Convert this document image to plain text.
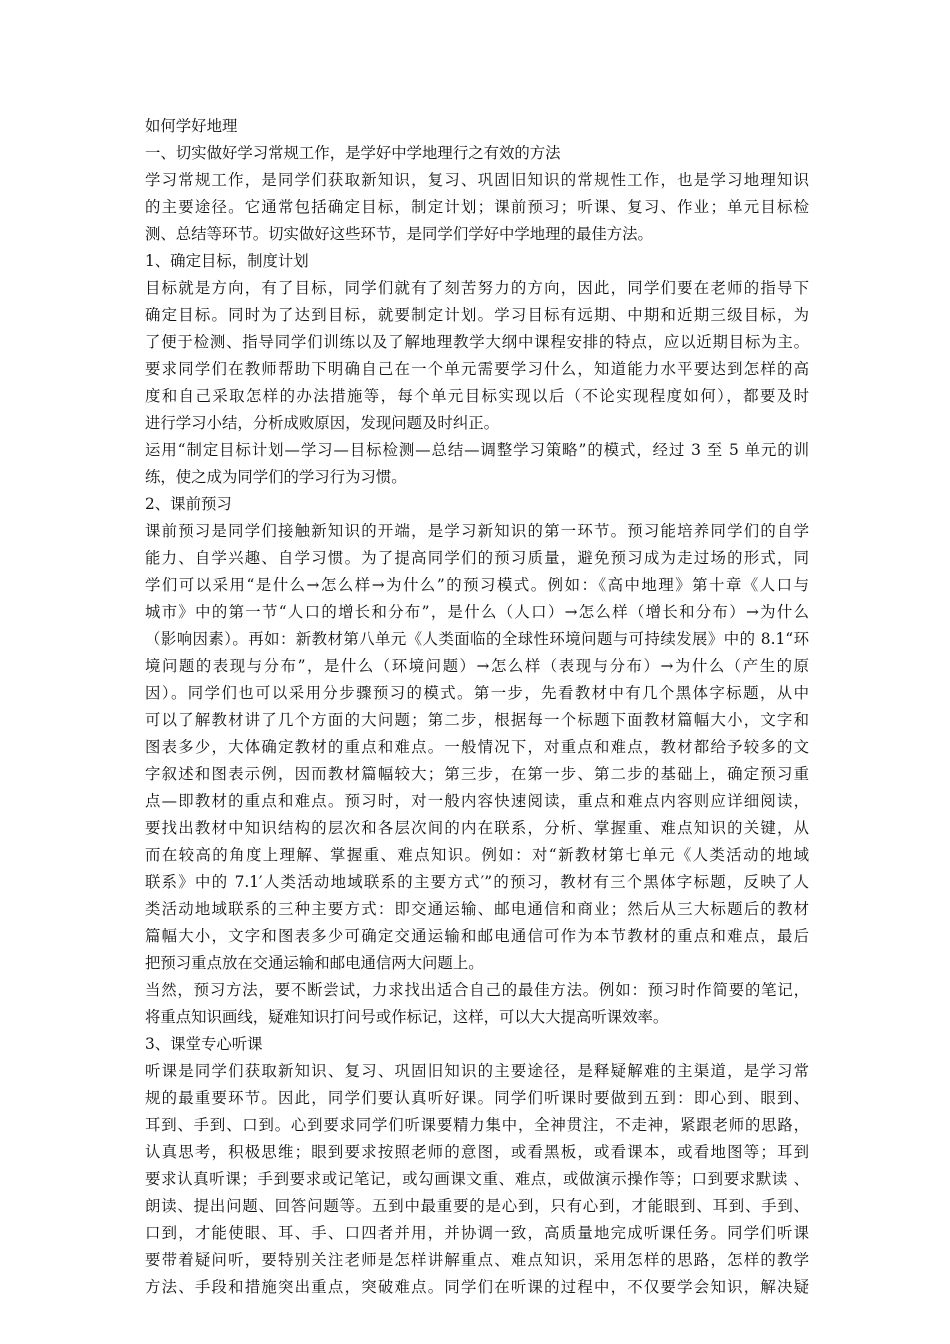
如何学好地理
一、切实做好学习常规工作，是学好中学地理行之有效的方法
学习常规工作，是同学们获取新知识，复习、巩固旧知识的常规性工作，也是学习地理知识
的主要途径。它通常包括确定目标，制定计划；课前预习；听课、复习、作业；单元目标检
测、总结等环节。切实做好这些环节，是同学们学好中学地理的最佳方法。
1、确定目标，制度计划
目标就是方向，有了目标，同学们就有了刻苦努力的方向，因此，同学们要在老师的指导下
确定目标。同时为了达到目标，就要制定计划。学习目标有远期、中期和近期三级目标，为
了便于检测、指导同学们训练以及了解地理教学大纲中课程安排的特点，应以近期目标为主。
要求同学们在教师帮助下明确自己在一个单元需要学习什么，知道能力水平要达到怎样的高
度和自己采取怎样的办法措施等，每个单元目标实现以后（不论实现程度如何），都要及时
进行学习小结，分析成败原因，发现问题及时纠正。
运用“制定目标计划—学习—目标检测—总结—调整学习策略”的模式，经过 3 至 5 单元的训
练，使之成为同学们的学习行为习惯。
2、课前预习
课前预习是同学们接触新知识的开端，是学习新知识的第一环节。预习能培养同学们的自学
能力、自学兴趣、自学习惯。为了提高同学们的预习质量，避免预习成为走过场的形式，同
学们可以采用“是什么→怎么样→为什么”的预习模式。例如：《高中地理》第十章《人口与
城市》中的第一节“人口的增长和分布”，是什么（人口）→怎么样（增长和分布）→为什么
（影响因素）。再如：新教材第八单元《人类面临的全球性环境问题与可持续发展》中的 8.1“环
境问题的表现与分布”，是什么（环境问题）→怎么样（表现与分布）→为什么（产生的原
因）。同学们也可以采用分步骤预习的模式。第一步，先看教材中有几个黑体字标题，从中
可以了解教材讲了几个方面的大问题；第二步，根据每一个标题下面教材篇幅大小，文字和
图表多少，大体确定教材的重点和难点。一般情况下，对重点和难点，教材都给予较多的文
字叙述和图表示例，因而教材篇幅较大；第三步，在第一步、第二步的基础上，确定预习重
点—即教材的重点和难点。预习时，对一般内容快速阅读，重点和难点内容则应详细阅读，
要找出教材中知识结构的层次和各层次间的内在联系，分析、掌握重、难点知识的关键，从
而在较高的角度上理解、掌握重、难点知识。例如：对“新教材第七单元《人类活动的地域
联系》中的 7.1′人类活动地域联系的主要方式′”的预习，教材有三个黑体字标题，反映了人
类活动地域联系的三种主要方式：即交通运输、邮电通信和商业；然后从三大标题后的教材
篇幅大小，文字和图表多少可确定交通运输和邮电通信可作为本节教材的重点和难点，最后
把预习重点放在交通运输和邮电通信两大问题上。
当然，预习方法，要不断尝试，力求找出适合自己的最佳方法。例如：预习时作简要的笔记，
将重点知识画线，疑难知识打问号或作标记，这样，可以大大提高听课效率。
3、课堂专心听课
听课是同学们获取新知识、复习、巩固旧知识的主要途径，是释疑解难的主渠道，是学习常
规的最重要环节。因此，同学们要认真听好课。同学们听课时要做到五到：即心到、眼到、
耳到、手到、口到。心到要求同学们听课要精力集中，全神贯注，不走神，紧跟老师的思路，
认真思考，积极思维；眼到要求按照老师的意图，或看黑板，或看课本，或看地图等；耳到
要求认真听课；手到要求或记笔记，或勾画课文重、难点，或做演示操作等；口到要求默读 、
朗读、提出问题、回答问题等。五到中最重要的是心到，只有心到，才能眼到、耳到、手到、
口到，才能使眼、耳、手、口四者并用，并协调一致，高质量地完成听课任务。同学们听课
要带着疑问听，要特别关注老师是怎样讲解重点、难点知识，采用怎样的思路，怎样的教学
方法、手段和措施突出重点，突破难点。同学们在听课的过程中，不仅要学会知识，解决疑
